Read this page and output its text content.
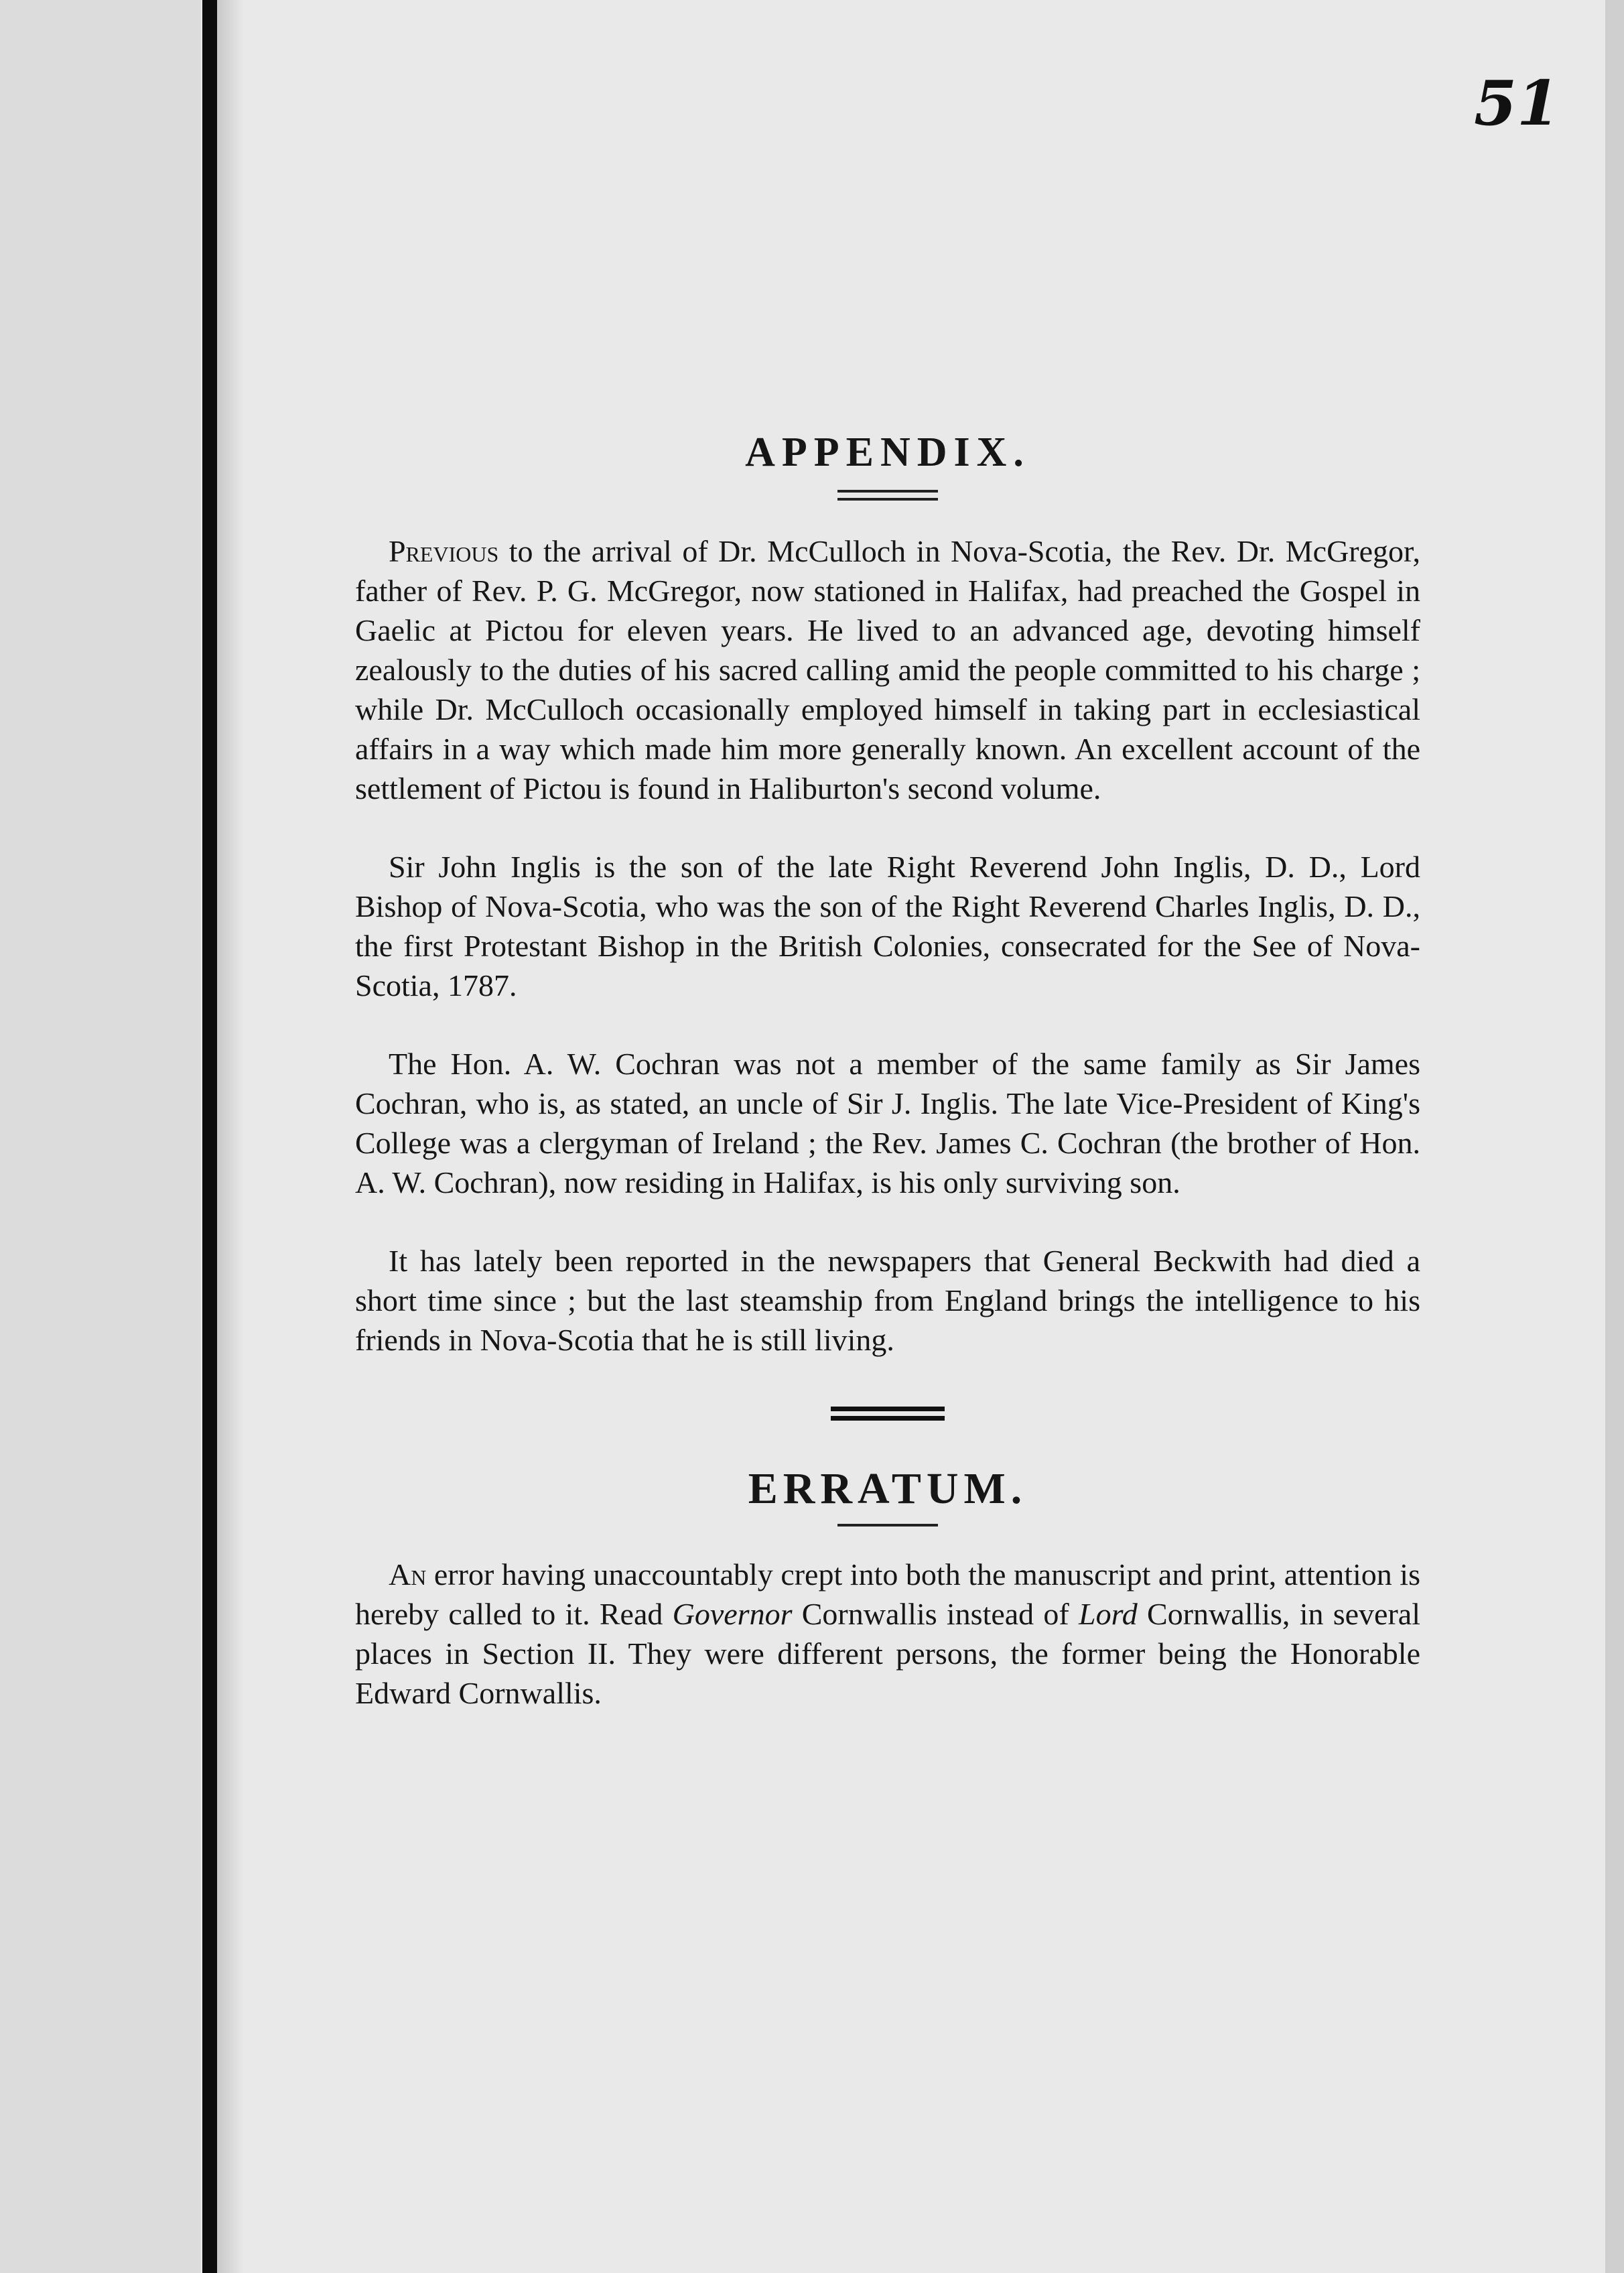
51
APPENDIX.

Previous to the arrival of Dr. McCulloch in Nova-Scotia, the Rev. Dr. McGregor, father of Rev. P. G. McGregor, now stationed in Halifax, had preached the Gospel in Gaelic at Pictou for eleven years. He lived to an advanced age, devoting himself zealously to the duties of his sacred calling amid the people committed to his charge ; while Dr. McCulloch occasionally employed himself in taking part in ecclesiastical affairs in a way which made him more generally known. An excellent account of the settlement of Pictou is found in Haliburton's second volume.

Sir John Inglis is the son of the late Right Reverend John Inglis, D. D., Lord Bishop of Nova-Scotia, who was the son of the Right Reverend Charles Inglis, D. D., the first Protestant Bishop in the British Colonies, consecrated for the See of Nova-Scotia, 1787.

The Hon. A. W. Cochran was not a member of the same family as Sir James Cochran, who is, as stated, an uncle of Sir J. Inglis. The late Vice-President of King's College was a clergyman of Ireland ; the Rev. James C. Cochran (the brother of Hon. A. W. Cochran), now residing in Halifax, is his only surviving son.

It has lately been reported in the newspapers that General Beckwith had died a short time since ; but the last steamship from England brings the intelligence to his friends in Nova-Scotia that he is still living.

ERRATUM.

An error having unaccountably crept into both the manuscript and print, attention is hereby called to it. Read Governor Cornwallis instead of Lord Cornwallis, in several places in Section II. They were different persons, the former being the Honorable Edward Cornwallis.
